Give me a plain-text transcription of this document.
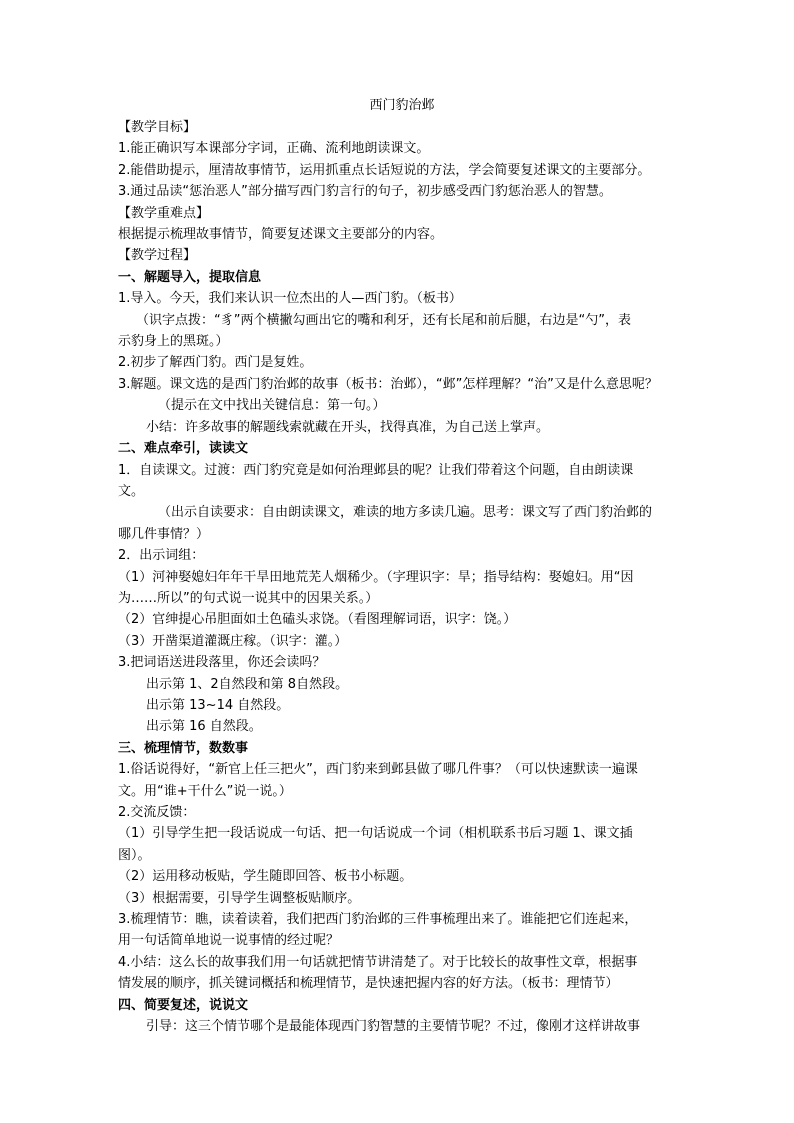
西门豹治邺
【教学目标】
1.能正确识写本课部分字词，正确、流利地朗读课文。
2.能借助提示，厘清故事情节，运用抓重点长话短说的方法，学会简要复述课文的主要部分。
3.通过品读“惩治恶人”部分描写西门豹言行的句子，初步感受西门豹惩治恶人的智慧。
【教学重难点】
根据提示梳理故事情节，简要复述课文主要部分的内容。
【教学过程】
一、解题导入，提取信息
1.导入。今天，我们来认识一位杰出的人—西门豹。（板书）
（识字点拨：“豸”两个横撇勾画出它的嘴和利牙，还有长尾和前后腿，右边是“勺”，表
示豹身上的黑斑。）
2.初步了解西门豹。西门是复姓。
3.解题。课文选的是西门豹治邺的故事（板书：治邺），“邺”怎样理解？“治”又是什么意思呢？
（提示在文中找出关键信息：第一句。）
小结：许多故事的解题线索就藏在开头，找得真准，为自己送上掌声。
二、难点牵引，读读文
1．自读课文。过渡：西门豹究竟是如何治理邺县的呢？让我们带着这个问题，自由朗读课
文。
（出示自读要求：自由朗读课文，难读的地方多读几遍。思考：课文写了西门豹治邺的
哪几件事情？）
2．出示词组：
（1）河神娶媳妇年年干旱田地荒芜人烟稀少。（字理识字：旱；指导结构：娶媳妇。用“因
为……所以”的句式说一说其中的因果关系。）
（2）官绅提心吊胆面如土色磕头求饶。（看图理解词语，识字：饶。）
（3）开凿渠道灌溉庄稼。（识字：灌。）
3.把词语送进段落里，你还会读吗？
出示第 1、2自然段和第 8自然段。
出示第 13~14 自然段。
出示第 16 自然段。
三、梳理情节，数数事
1.俗话说得好，“新官上任三把火”，西门豹来到邺县做了哪几件事？（可以快速默读一遍课
文。用“谁+干什么”说一说。）
2.交流反馈：
（1）引导学生把一段话说成一句话、把一句话说成一个词（相机联系书后习题 1、课文插
图）。
（2）运用移动板贴，学生随即回答、板书小标题。
（3）根据需要，引导学生调整板贴顺序。
3.梳理情节：瞧，读着读着，我们把西门豹治邺的三件事梳理出来了。谁能把它们连起来，
用一句话简单地说一说事情的经过呢？
4.小结：这么长的故事我们用一句话就把情节讲清楚了。对于比较长的故事性文章，根据事
情发展的顺序，抓关键词概括和梳理情节，是快速把握内容的好方法。（板书：理情节）
四、简要复述，说说文
引导：这三个情节哪个是最能体现西门豹智慧的主要情节呢？不过，像刚才这样讲故事
